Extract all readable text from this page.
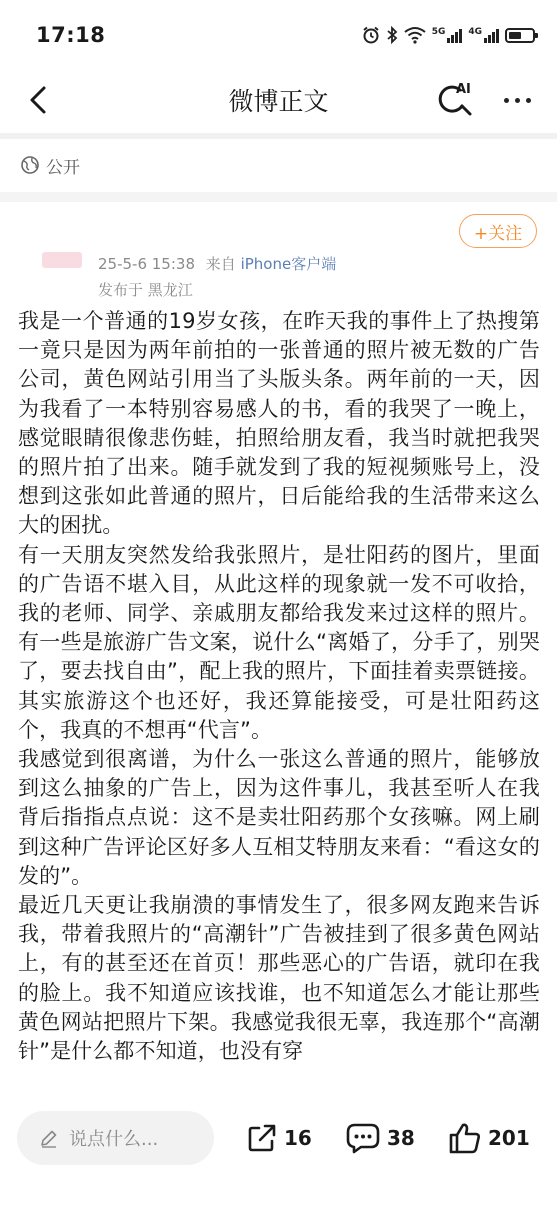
17:18	5G	4G
微博正文	AI
公开
+关注
25-5-6 15:38 来自 iPhone客户端
发布于 黑龙江

我是一个普通的19岁女孩，在昨天我的事件上了热搜第一竟只是因为两年前拍的一张普通的照片被无数的广告公司，黄色网站引用当了头版头条。两年前的一天，因为我看了一本特别容易感人的书，看的我哭了一晚上，感觉眼睛很像悲伤蛙，拍照给朋友看，我当时就把我哭的照片拍了出来。随手就发到了我的短视频账号上，没想到这张如此普通的照片，日后能给我的生活带来这么大的困扰。

有一天朋友突然发给我张照片，是壮阳药的图片，里面的广告语不堪入目，从此这样的现象就一发不可收拾，我的老师、同学、亲戚朋友都给我发来过这样的照片。有一些是旅游广告文案，说什么“离婚了，分手了，别哭了，要去找自由”，配上我的照片，下面挂着卖票链接。其实旅游这个也还好，我还算能接受，可是壮阳药这个，我真的不想再“代言”。

我感觉到很离谱，为什么一张这么普通的照片，能够放到这么抽象的广告上，因为这件事儿，我甚至听人在我背后指指点点说：这不是卖壮阳药那个女孩嘛。网上刷到这种广告评论区好多人互相艾特朋友来看：“看这女的发的”。

最近几天更让我崩溃的事情发生了，很多网友跑来告诉我，带着我照片的“高潮针”广告被挂到了很多黄色网站上，有的甚至还在首页！那些恶心的广告语，就印在我的脸上。我不知道应该找谁，也不知道怎么才能让那些黄色网站把照片下架。我感觉我很无辜，我连那个“高潮针”是什么都不知道，也没有穿

说点什么...	16	38	201
